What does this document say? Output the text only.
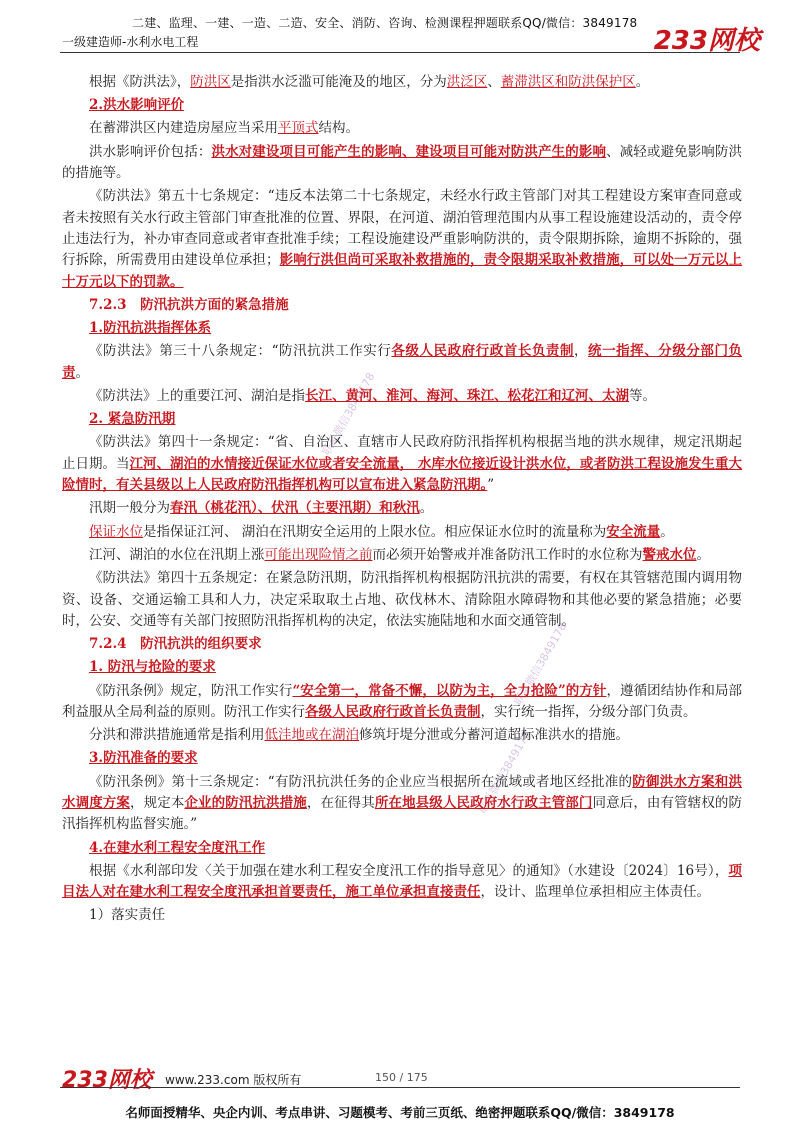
二建、监理、一建、一造、二造、安全、消防、咨询、检测课程押题联系QQ/微信：3849178
一级建造师-水利水电工程	233网校
联系微信3849178
联系微信3849178
联系微信3849178

根据《防洪法》，防洪区是指洪水泛滥可能淹及的地区，分为洪泛区、蓄滞洪区和防洪保护区。

2.洪水影响评价

在蓄滞洪区内建造房屋应当采用平顶式结构。

洪水影响评价包括：洪水对建设项目可能产生的影响、建设项目可能对防洪产生的影响、减轻或避免影响防洪的措施等。

《防洪法》第五十七条规定：“违反本法第二十七条规定，未经水行政主管部门对其工程建设方案审查同意或者未按照有关水行政主管部门审查批准的位置、界限，在河道、湖泊管理范围内从事工程设施建设活动的，责令停止违法行为，补办审查同意或者审查批准手续；工程设施建设严重影响防洪的，责令限期拆除，逾期不拆除的，强行拆除，所需费用由建设单位承担；影响行洪但尚可采取补救措施的，责令限期采取补救措施，可以处一万元以上十万元以下的罚款。

7.2.3　防汛抗洪方面的紧急措施

1.防汛抗洪指挥体系

《防洪法》第三十八条规定：“防汛抗洪工作实行各级人民政府行政首长负责制，统一指挥、分级分部门负责。

《防洪法》上的重要江河、湖泊是指长江、黄河、淮河、海河、珠江、松花江和辽河、太湖等。

2. 紧急防汛期

《防洪法》第四十一条规定：“省、自治区、直辖市人民政府防汛指挥机构根据当地的洪水规律，规定汛期起止日期。当江河、湖泊的水情接近保证水位或者安全流量， 水库水位接近设计洪水位，或者防洪工程设施发生重大险情时，有关县级以上人民政府防汛指挥机构可以宣布进入紧急防汛期。”

汛期一般分为春汛（桃花汛）、伏汛（主要汛期）和秋汛。

保证水位是指保证江河、 湖泊在汛期安全运用的上限水位。相应保证水位时的流量称为安全流量。

江河、湖泊的水位在汛期上涨可能出现险情之前而必须开始警戒并准备防汛工作时的水位称为警戒水位。

《防洪法》第四十五条规定：在紧急防汛期，防汛指挥机构根据防汛抗洪的需要，有权在其管辖范围内调用物资、设备、交通运输工具和人力，决定采取取土占地、砍伐林木、清除阻水障碍物和其他必要的紧急措施；必要时，公安、交通等有关部门按照防汛指挥机构的决定，依法实施陆地和水面交通管制。

7.2.4　防汛抗洪的组织要求

1. 防汛与抢险的要求

《防汛条例》规定，防汛工作实行“安全第一，常备不懈，以防为主，全力抢险”的方针，遵循团结协作和局部利益服从全局利益的原则。防汛工作实行各级人民政府行政首长负责制，实行统一指挥，分级分部门负责。

分洪和滞洪措施通常是指利用低洼地或在湖泊修筑圩堤分泄或分蓄河道超标准洪水的措施。

3.防汛准备的要求

《防汛条例》第十三条规定：“有防汛抗洪任务的企业应当根据所在流域或者地区经批准的防御洪水方案和洪水调度方案，规定本企业的防汛抗洪措施，在征得其所在地县级人民政府水行政主管部门同意后，由有管辖权的防汛指挥机构监督实施。”

4.在建水利工程安全度汛工作

根据《水利部印发〈关于加强在建水利工程安全度汛工作的指导意见〉的通知》（水建设〔2024〕16号），项目法人对在建水利工程安全度汛承担首要责任，施工单位承担直接责任，设计、监理单位承担相应主体责任。

1）落实责任

233网校 www.233.com 版权所有	150 / 175
名师面授精华、央企内训、考点串讲、习题模考、考前三页纸、绝密押题联系QQ/微信：3849178
